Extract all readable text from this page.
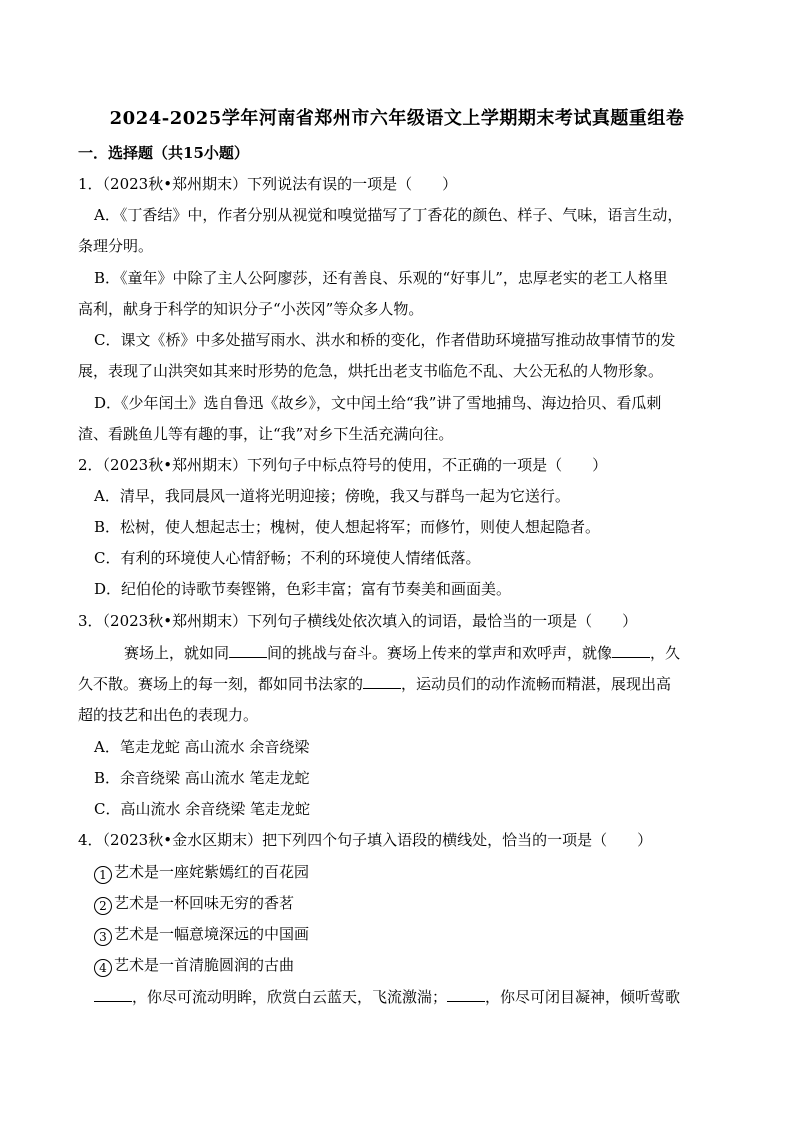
2024-2025学年河南省郑州市六年级语文上学期期末考试真题重组卷
一．选择题（共15小题）
1．（2023秋•郑州期末）下列说法有误的一项是（　　）
A．《丁香结》中，作者分别从视觉和嗅觉描写了丁香花的颜色、样子、气味，语言生动，
条理分明。
B．《童年》中除了主人公阿廖莎，还有善良、乐观的“好事儿”，忠厚老实的老工人格里
高利，献身于科学的知识分子“小茨冈”等众多人物。
C．课文《桥》中多处描写雨水、洪水和桥的变化，作者借助环境描写推动故事情节的发
展，表现了山洪突如其来时形势的危急，烘托出老支书临危不乱、大公无私的人物形象。
D．《少年闰土》选自鲁迅《故乡》，文中闰土给“我”讲了雪地捕鸟、海边拾贝、看瓜刺
渣、看跳鱼儿等有趣的事，让“我”对乡下生活充满向往。
2．（2023秋•郑州期末）下列句子中标点符号的使用，不正确的一项是（　　）
A．清早，我同晨风一道将光明迎接；傍晚，我又与群鸟一起为它送行。
B．松树，使人想起志士；槐树，使人想起将军；而修竹，则使人想起隐者。
C．有利的环境使人心情舒畅；不利的环境使人情绪低落。
D．纪伯伦的诗歌节奏铿锵，色彩丰富；富有节奏美和画面美。
3．（2023秋•郑州期末）下列句子横线处依次填入的词语，最恰当的一项是（　　）
赛场上，就如同	间的挑战与奋斗。赛场上传来的掌声和欢呼声，就像	，久
久不散。赛场上的每一刻，都如同书法家的	，运动员们的动作流畅而精湛，展现出高
超的技艺和出色的表现力。
A．笔走龙蛇 高山流水 余音绕梁
B．余音绕梁 高山流水 笔走龙蛇
C．高山流水 余音绕梁 笔走龙蛇
4．（2023秋•金水区期末）把下列四个句子填入语段的横线处，恰当的一项是（　　）
1 艺术是一座姹紫嫣红的百花园
2 艺术是一杯回味无穷的香茗
3 艺术是一幅意境深远的中国画
4 艺术是一首清脆圆润的古曲
，你尽可流动明眸，欣赏白云蓝天，飞流激湍；	，你尽可闭目凝神，倾听莺歌
